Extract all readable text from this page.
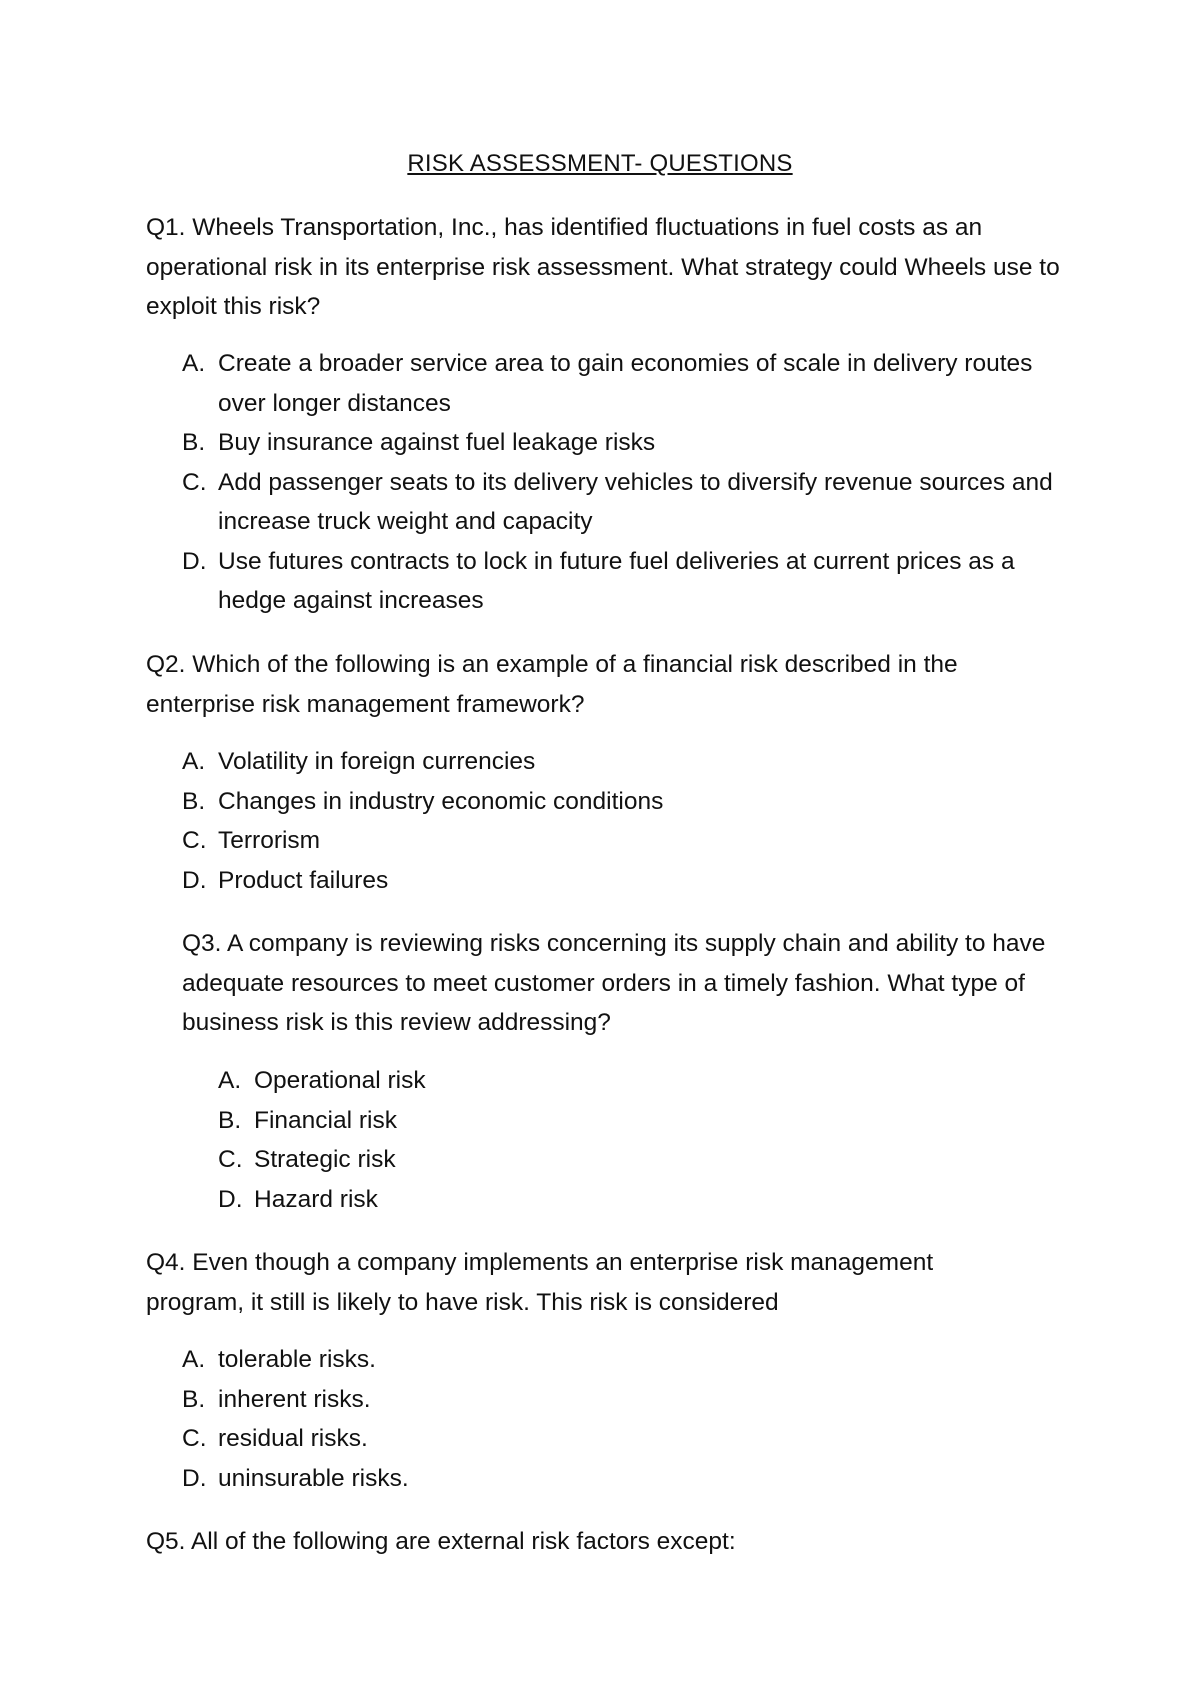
RISK ASSESSMENT- QUESTIONS

Q1. Wheels Transportation, Inc., has identified fluctuations in fuel costs as an operational risk in its enterprise risk assessment. What strategy could Wheels use to exploit this risk?

A. Create a broader service area to gain economies of scale in delivery routes over longer distances
B. Buy insurance against fuel leakage risks
C. Add passenger seats to its delivery vehicles to diversify revenue sources and increase truck weight and capacity
D. Use futures contracts to lock in future fuel deliveries at current prices as a hedge against increases

Q2. Which of the following is an example of a financial risk described in the enterprise risk management framework?

A. Volatility in foreign currencies
B. Changes in industry economic conditions
C. Terrorism
D. Product failures

Q3. A company is reviewing risks concerning its supply chain and ability to have adequate resources to meet customer orders in a timely fashion. What type of business risk is this review addressing?

A. Operational risk
B. Financial risk
C. Strategic risk
D. Hazard risk

Q4. Even though a company implements an enterprise risk management program, it still is likely to have risk. This risk is considered

A. tolerable risks.
B. inherent risks.
C. residual risks.
D. uninsurable risks.

Q5. All of the following are external risk factors except:
